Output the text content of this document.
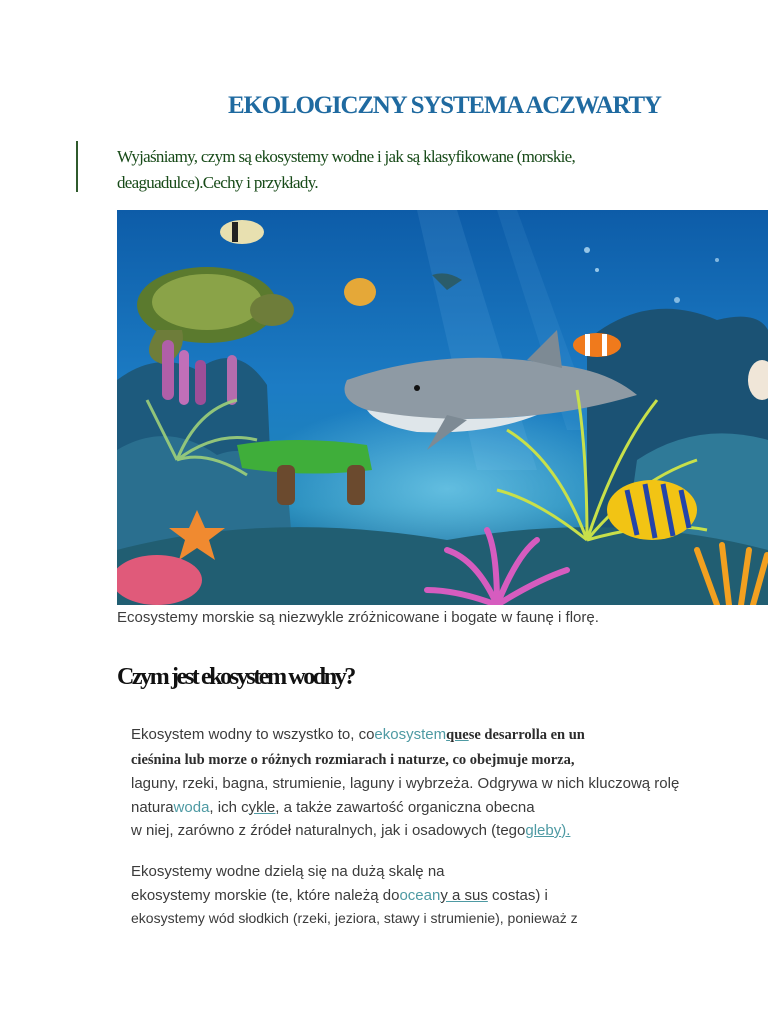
EKOLOGICZNY SYSTEMA ACZWARTY

Wyjaśniamy, czym są ekosystemy wodne i jak są klasyfikowane (morskie, deaguadulce).Cechy i przykłady.

Ecosystemy morskie są niezwykle zróżnicowane i bogate w faunę i florę.

Czym jest ekosystem wodny?

Ekosystem wodny to wszystko to, coekosystemquese desarrolla en un
cieśnina lub morze o różnych rozmiarach i naturze, co obejmuje morza,
laguny, rzeki, bagna, strumienie, laguny i wybrzeża. Odgrywa w nich kluczową rolę
naturawoda, ich cykle, a także zawartość organiczna obecna
w niej, zarówno z źródeł naturalnych, jak i osadowych (tegogleby).

Ekosystemy wodne dzielą się na dużą skalę na
ekosystemy morskie (te, które należą dooceany a sus costas) i
ekosystemy wód słodkich (rzeki, jeziora, stawy i strumienie), ponieważ z
